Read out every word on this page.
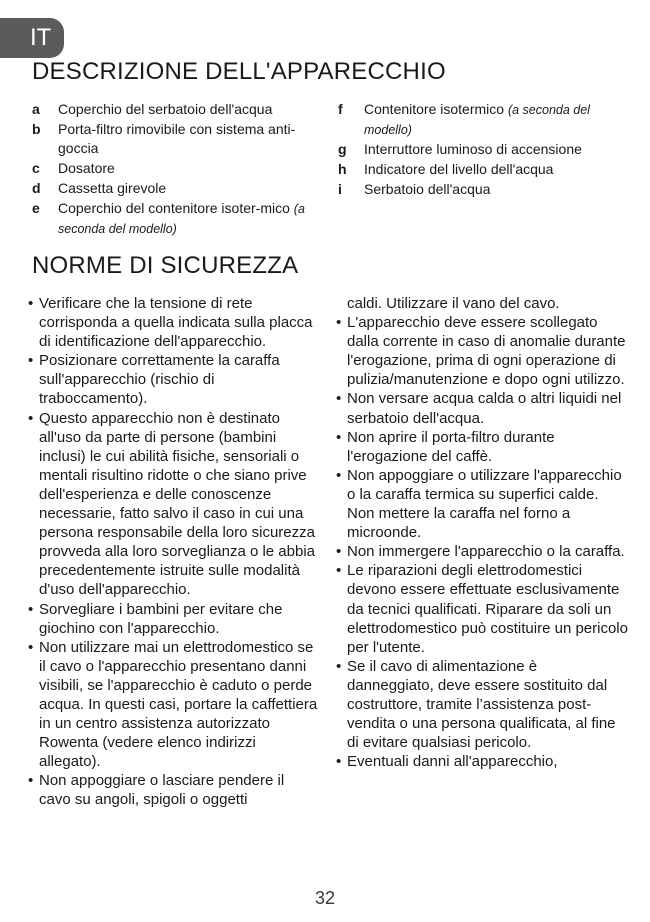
IT
DESCRIZIONE DELL'APPARECCHIO
a	Coperchio del serbatoio dell'acqua
b	Porta-filtro rimovibile con sistema anti-goccia
c	Dosatore
d	Cassetta girevole
e	Coperchio del contenitore isoter-mico (a seconda del modello)
f	Contenitore isotermico (a seconda del modello)
g	Interruttore luminoso di accensione
h	Indicatore del livello dell'acqua
i	Serbatoio dell'acqua
NORME DI SICUREZZA
• Verificare che la tensione di rete corrisponda a quella indicata sulla placca di identificazione dell'apparecchio.
• Posizionare correttamente la caraffa sull'apparecchio (rischio di traboccamento).
• Questo apparecchio non è destinato all'uso da parte di persone (bambini inclusi) le cui abilità fisiche, sensoriali o mentali risultino ridotte o che siano prive dell'esperienza e delle conoscenze necessarie, fatto salvo il caso in cui una persona responsabile della loro sicurezza provveda alla loro sorveglianza o le abbia precedentemente istruite sulle modalità d'uso dell'apparecchio.
• Sorvegliare i bambini per evitare che giochino con l'apparecchio.
• Non utilizzare mai un elettrodomestico se il cavo o l'apparecchio presentano danni visibili, se l'apparecchio è caduto o perde acqua. In questi casi, portare la caffettiera in un centro assistenza autorizzato Rowenta (vedere elenco indirizzi allegato).
• Non appoggiare o lasciare pendere il cavo su angoli, spigoli o oggetti
caldi. Utilizzare il vano del cavo.
• L'apparecchio deve essere scollegato dalla corrente in caso di anomalie durante l'erogazione, prima di ogni operazione di pulizia/manutenzione e dopo ogni utilizzo.
• Non versare acqua calda o altri liquidi nel serbatoio dell'acqua.
• Non aprire il porta-filtro durante l'erogazione del caffè.
• Non appoggiare o utilizzare l'apparecchio o la caraffa termica su superfici calde. Non mettere la caraffa nel forno a microonde.
• Non immergere l'apparecchio o la caraffa.
• Le riparazioni degli elettrodomestici devono essere effettuate esclusivamente da tecnici qualificati. Riparare da soli un elettrodomestico può costituire un pericolo per l'utente.
• Se il cavo di alimentazione è danneggiato, deve essere sostituito dal costruttore, tramite l’assistenza post-vendita o una persona qualificata, al fine di evitare qualsiasi pericolo.
• Eventuali danni all'apparecchio,
32
